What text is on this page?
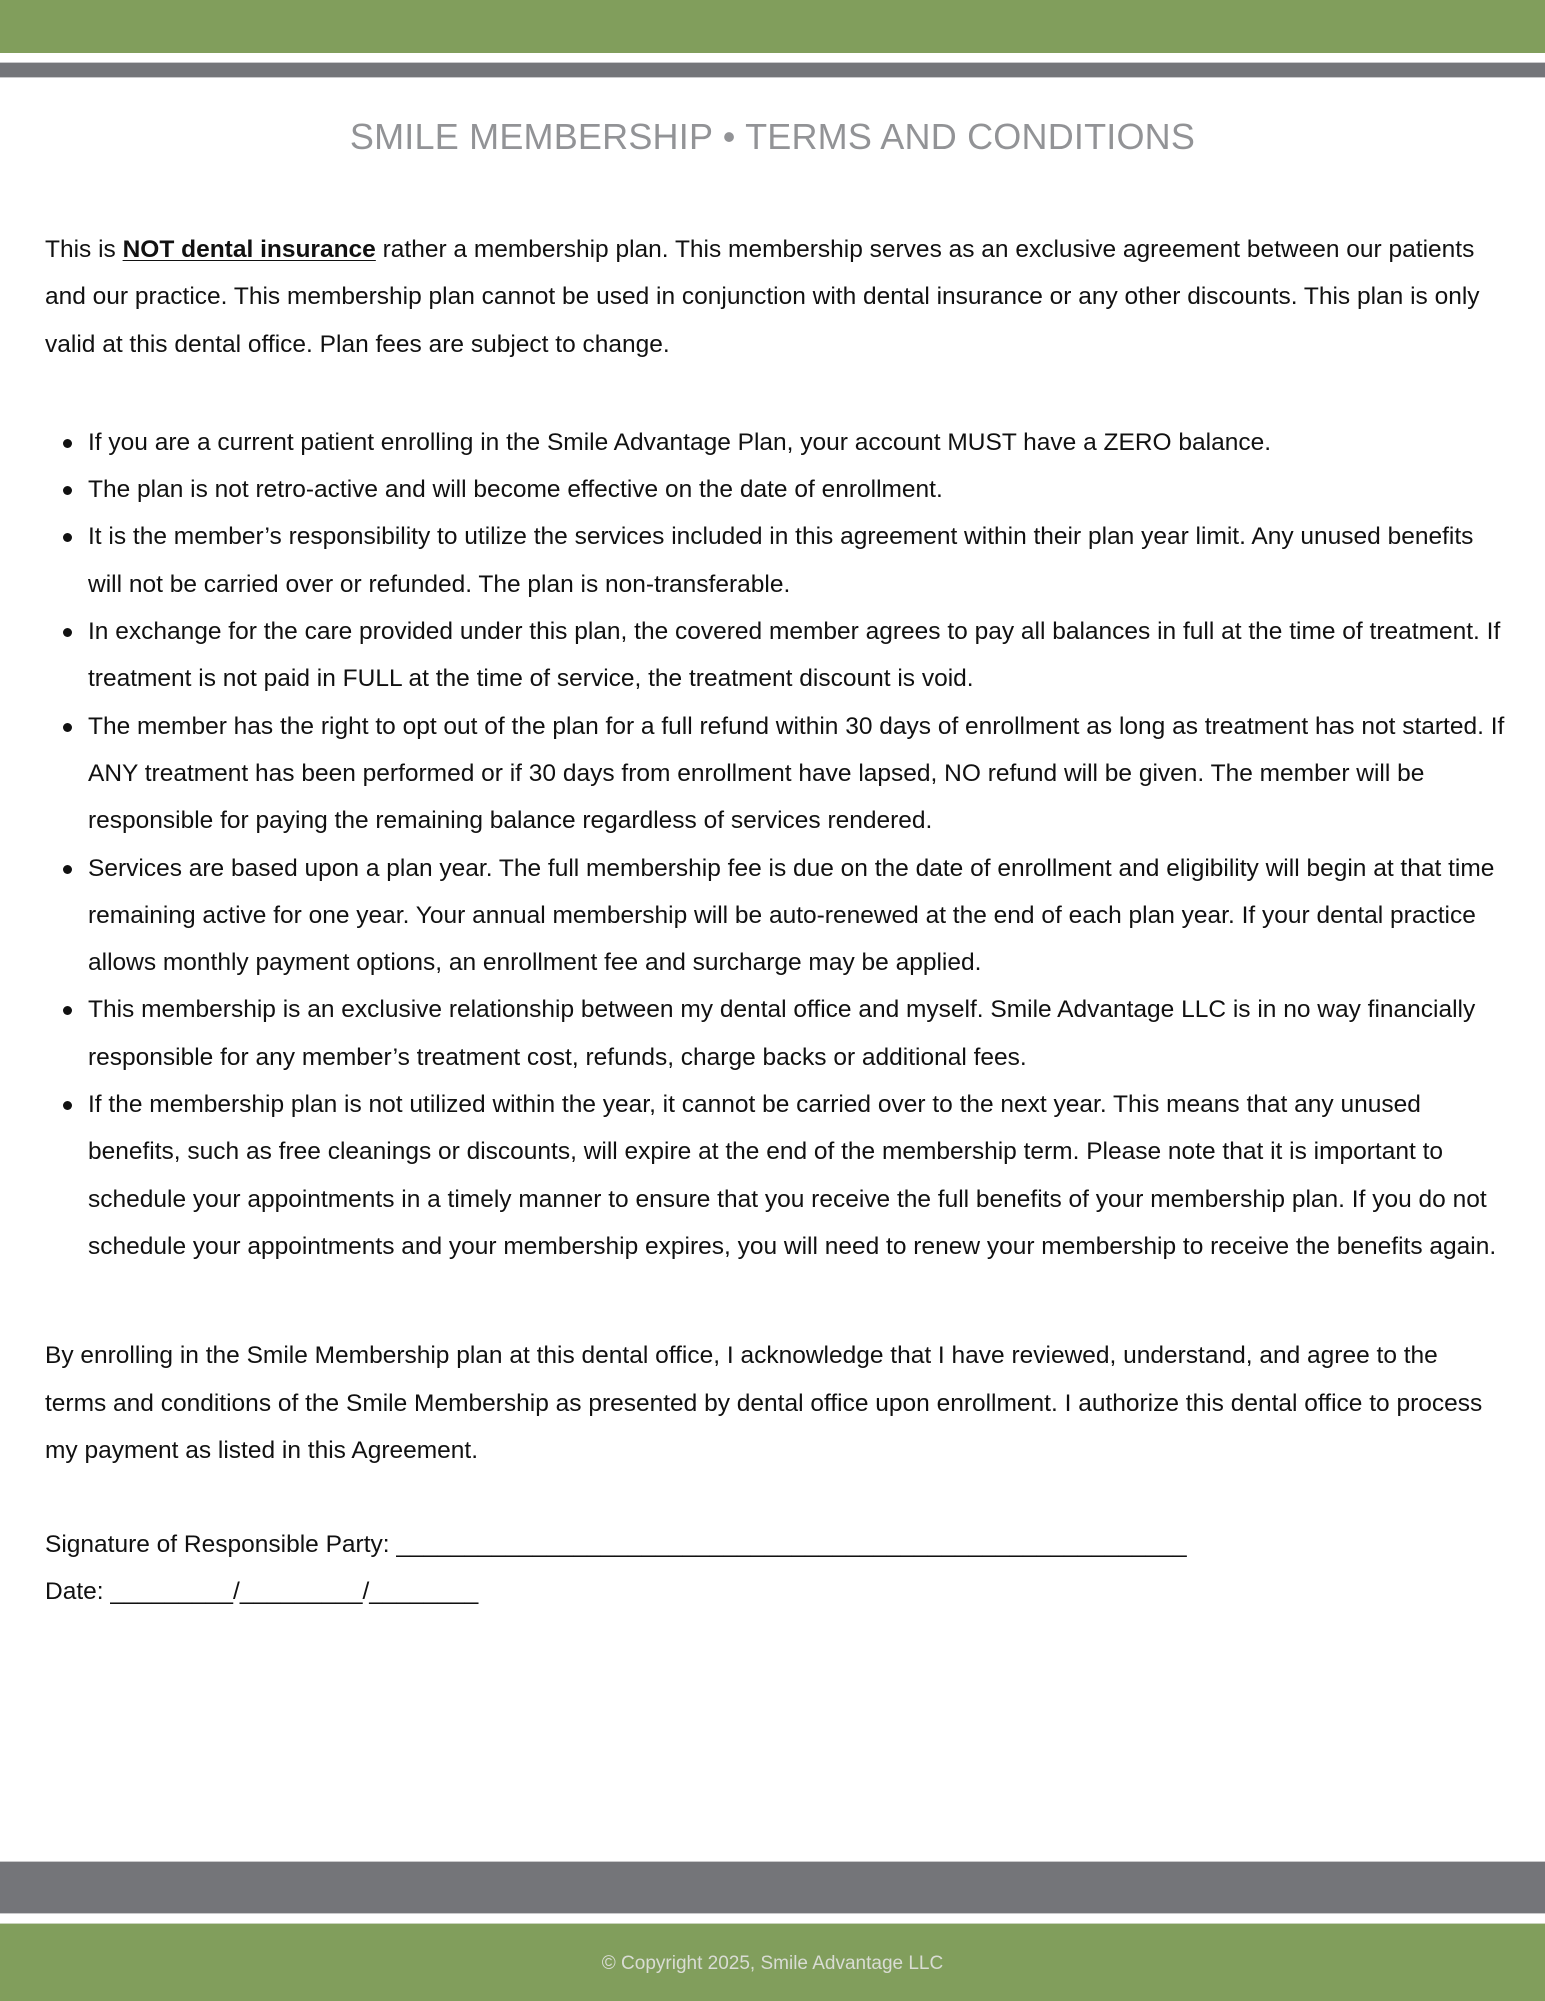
SMILE MEMBERSHIP • TERMS AND CONDITIONS

This is NOT dental insurance rather a membership plan. This membership serves as an exclusive agreement between our patients and our practice. This membership plan cannot be used in conjunction with dental insurance or any other discounts. This plan is only valid at this dental office. Plan fees are subject to change.

If you are a current patient enrolling in the Smile Advantage Plan, your account MUST have a ZERO balance.
The plan is not retro-active and will become effective on the date of enrollment.
It is the member’s responsibility to utilize the services included in this agreement within their plan year limit. Any unused benefits will not be carried over or refunded. The plan is non-transferable.
In exchange for the care provided under this plan, the covered member agrees to pay all balances in full at the time of treatment. If treatment is not paid in FULL at the time of service, the treatment discount is void.
The member has the right to opt out of the plan for a full refund within 30 days of enrollment as long as treatment has not started. If ANY treatment has been performed or if 30 days from enrollment have lapsed, NO refund will be given. The member will be responsible for paying the remaining balance regardless of services rendered.
Services are based upon a plan year. The full membership fee is due on the date of enrollment and eligibility will begin at that time remaining active for one year. Your annual membership will be auto-renewed at the end of each plan year. If your dental practice allows monthly payment options, an enrollment fee and surcharge may be applied.
This membership is an exclusive relationship between my dental office and myself. Smile Advantage LLC is in no way financially responsible for any member’s treatment cost, refunds, charge backs or additional fees.
If the membership plan is not utilized within the year, it cannot be carried over to the next year. This means that any unused benefits, such as free cleanings or discounts, will expire at the end of the membership term. Please note that it is important to schedule your appointments in a timely manner to ensure that you receive the full benefits of your membership plan. If you do not schedule your appointments and your membership expires, you will need to renew your membership to receive the benefits again.

By enrolling in the Smile Membership plan at this dental office, I acknowledge that I have reviewed, understand, and agree to the terms and conditions of the Smile Membership as presented by dental office upon enrollment. I authorize this dental office to process my payment as listed in this Agreement.

Signature of Responsible Party: __________________________________________________________

Date: _________/_________/________

© Copyright 2025, Smile Advantage LLC
